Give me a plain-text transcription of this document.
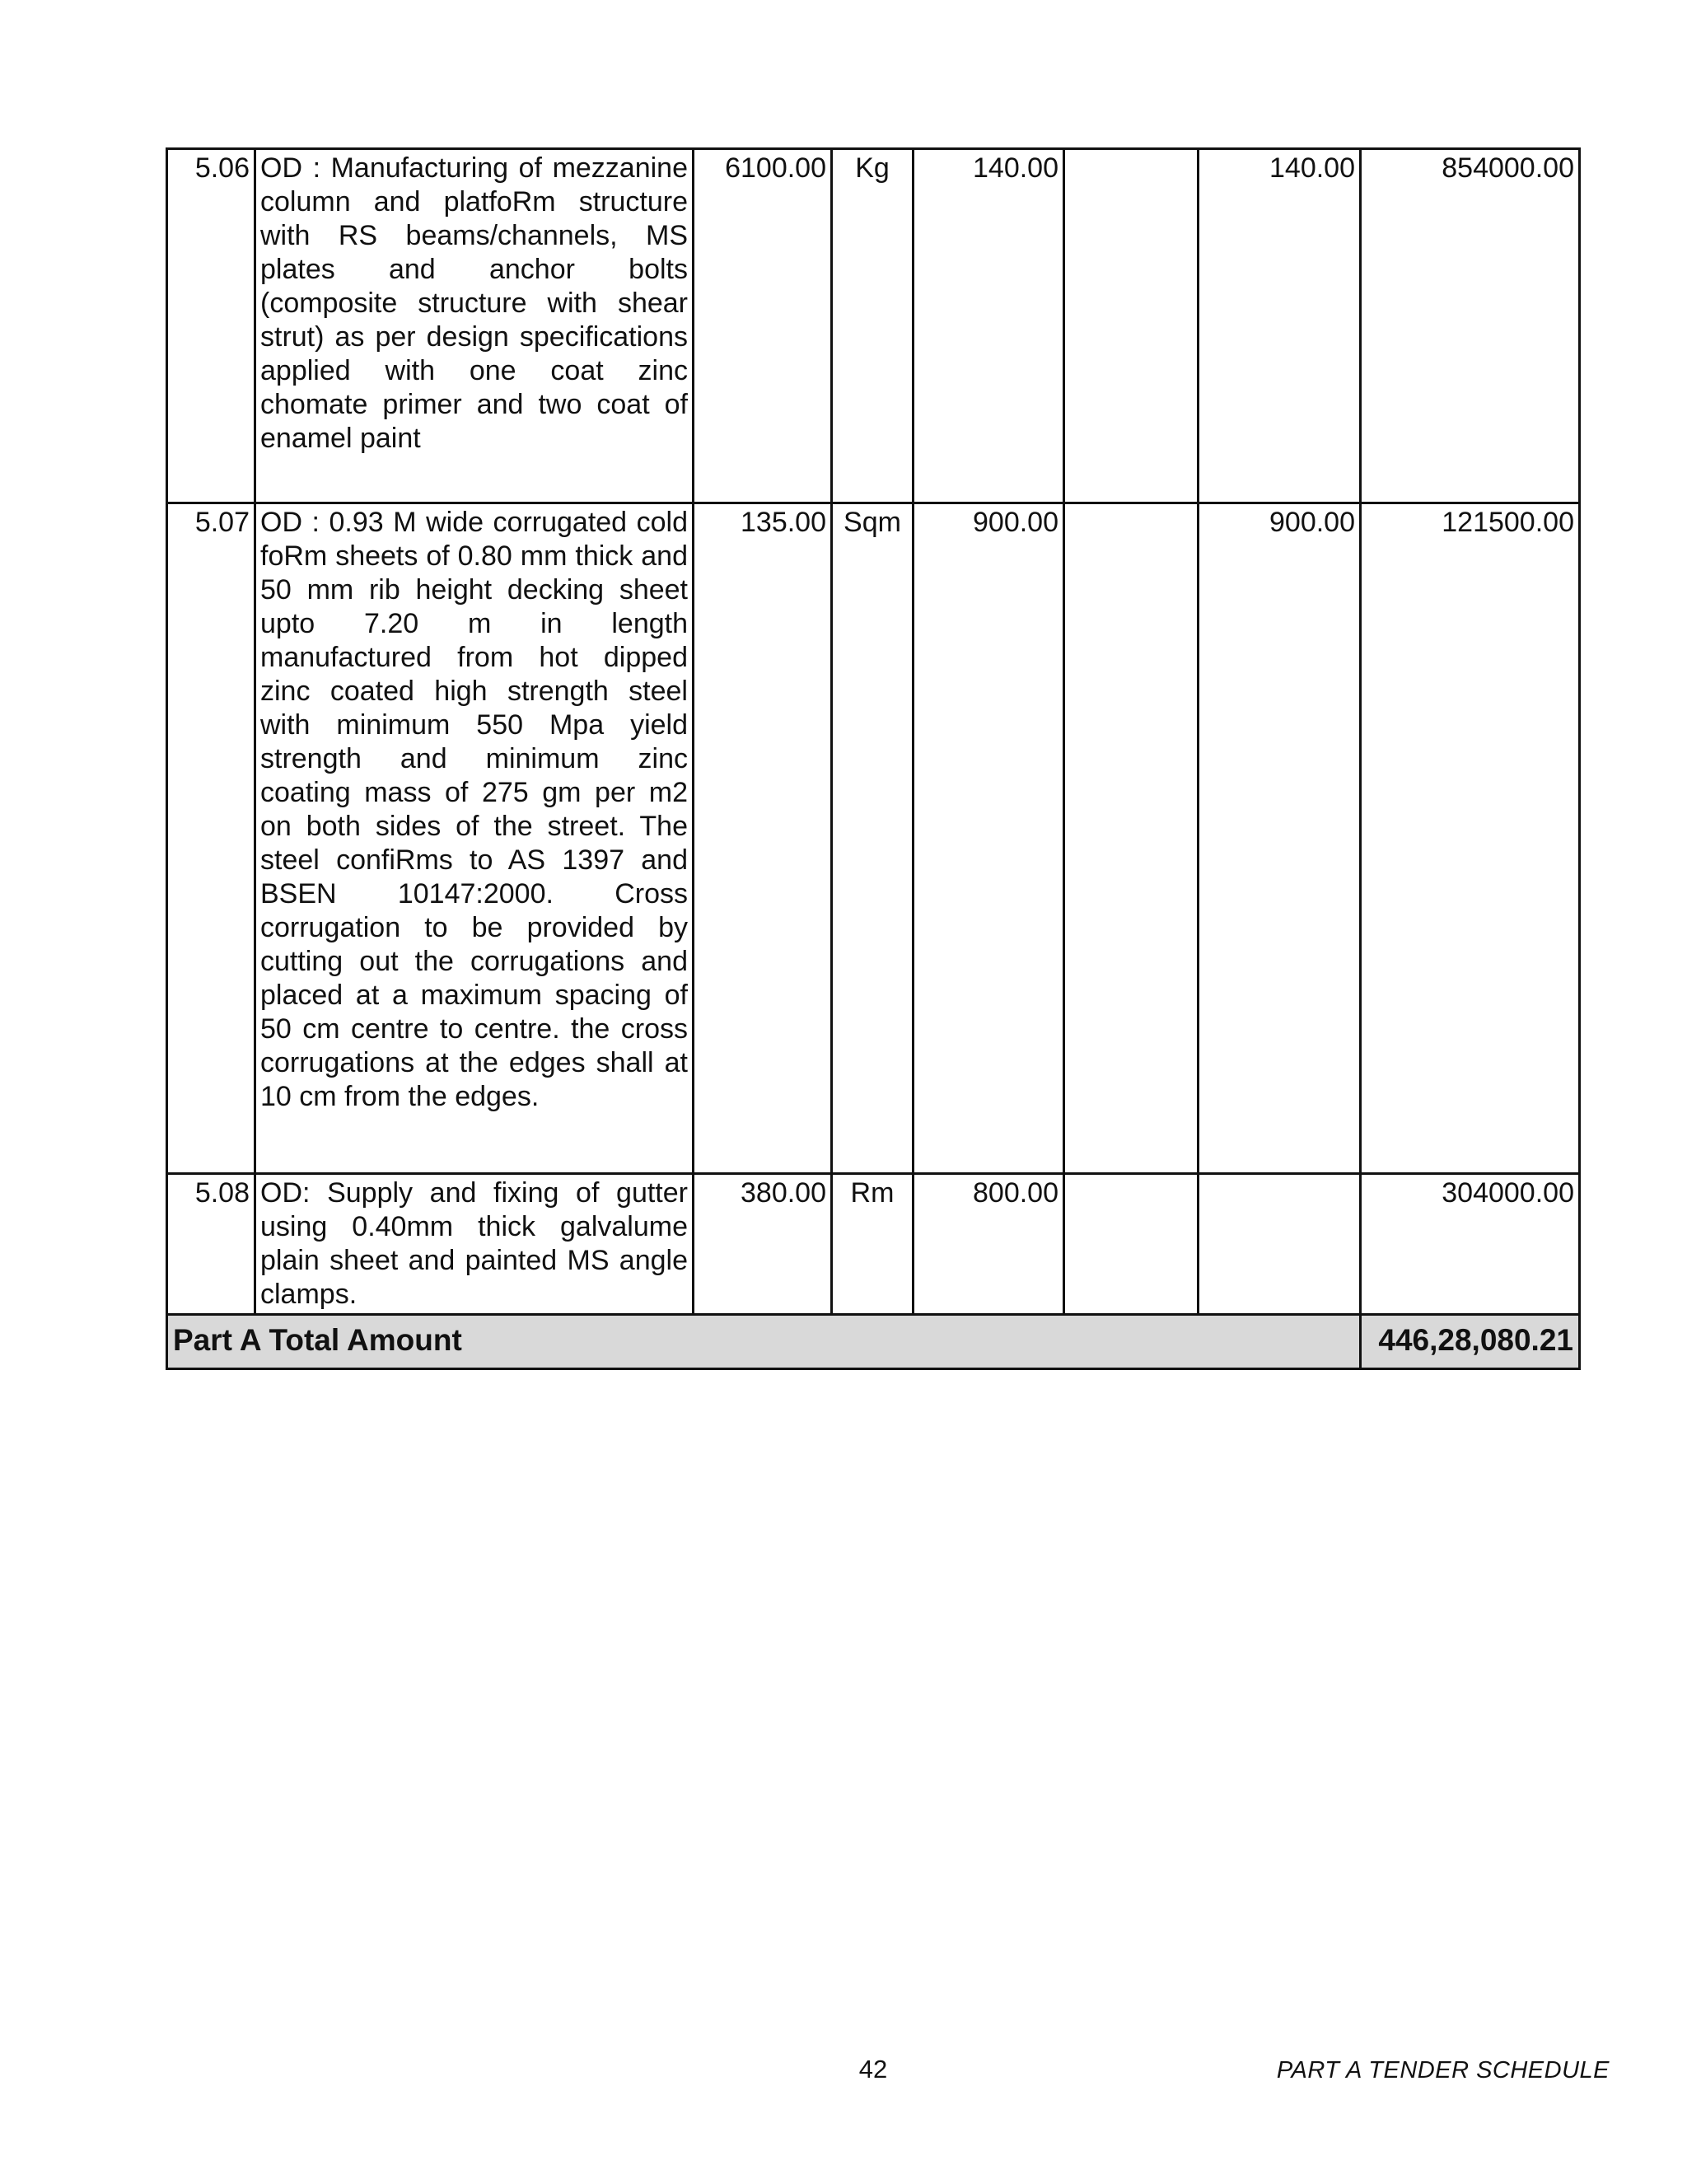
5.06	OD : Manufacturing of mezzanine column and platfoRm structure with RS beams/channels, MS plates and anchor bolts (composite structure with shear strut) as per design specifications applied with one coat zinc chomate primer and two coat of enamel paint	6100.00	Kg	140.00		140.00	854000.00
5.07	OD : 0.93 M wide corrugated cold foRm sheets of 0.80 mm thick and 50 mm rib height decking sheet upto 7.20 m in length manufactured from hot dipped zinc coated high strength steel with minimum 550 Mpa yield strength and minimum zinc coating mass of 275 gm per m2 on both sides of the street. The steel confiRms to AS 1397 and BSEN 10147:2000. Cross corrugation to be provided by cutting out the corrugations and placed at a maximum spacing of 50 cm centre to centre. the cross corrugations at the edges shall at 10 cm from the edges.	135.00	Sqm	900.00		900.00	121500.00
5.08	OD: Supply and fixing of gutter using 0.40mm thick galvalume plain sheet and painted MS angle clamps.	380.00	Rm	800.00			304000.00
Part A Total Amount							446,28,080.21
42	PART A TENDER SCHEDULE
